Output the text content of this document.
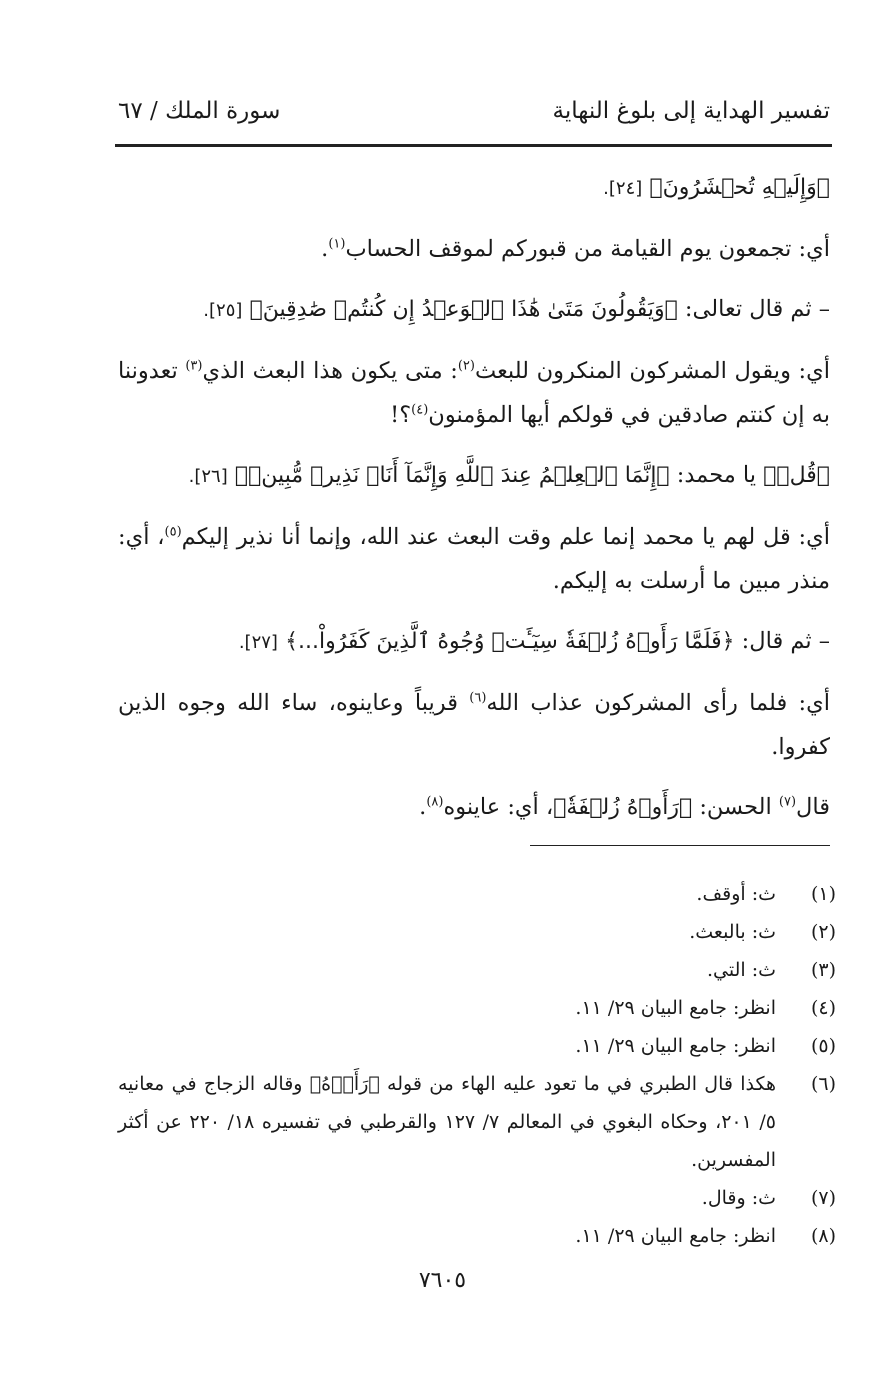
تفسير الهداية إلى بلوغ النهاية
سورة الملك / ٦٧

﴿وَإِلَيۡهِ تُحۡشَرُونَ﴾ [٢٤].

أي: تجمعون يوم القيامة من قبوركم لموقف الحساب$^{(١)}$.

– ثم قال تعالى: ﴿وَيَقُولُونَ مَتَىٰ هَٰذَا ٱلۡوَعۡدُ إِن كُنتُمۡ صَٰدِقِينَ﴾ [٢٥].

أي: ويقول المشركون المنكرون للبعث$^{(٢)}$: متى يكون هذا البعث الذي$^{(٣)}$ تعدوننا به إن كنتم صادقين في قولكم أيها المؤمنون$^{(٤)}$؟!

﴿قُلۡ﴾ يا محمد: ﴿إِنَّمَا ٱلۡعِلۡمُ عِندَ ٱللَّهِ وَإِنَّمَآ أَنَا۠ نَذِيرٞ مُّبِينٞ﴾ [٢٦].

أي: قل لهم يا محمد إنما علم وقت البعث عند الله، وإنما أنا نذير إليكم$^{(٥)}$، أي: منذر مبين ما أرسلت به إليكم.

– ثم قال: ﴿فَلَمَّا رَأَوۡهُ زُلۡفَةٗ سِيٓـَٔتۡ وُجُوهُ ٱلَّذِينَ كَفَرُواْ...﴾ [٢٧].

أي: فلما رأى المشركون عذاب الله$^{(٦)}$ قريباً وعاينوه، ساء الله وجوه الذين كفروا.

قال$^{(٧)}$ الحسن: ﴿رَأَوۡهُ زُلۡفَةٗ﴾، أي: عاينوه$^{(٨)}$.

(١)
ث: أوقف.
(٢)
ث: بالبعث.
(٣)
ث: التي.
(٤)
انظر: جامع البيان ٢٩/ ١١.
(٥)
انظر: جامع البيان ٢٩/ ١١.
(٦)
هكذا قال الطبري في ما تعود عليه الهاء من قوله ﴿رَأَوۡهُ﴾ وقاله الزجاج في معانيه ٥/ ٢٠١، وحكاه البغوي في المعالم ٧/ ١٢٧ والقرطبي في تفسيره ١٨/ ٢٢٠ عن أكثر المفسرين.
(٧)
ث: وقال.
(٨)
انظر: جامع البيان ٢٩/ ١١.
٧٦٠٥
